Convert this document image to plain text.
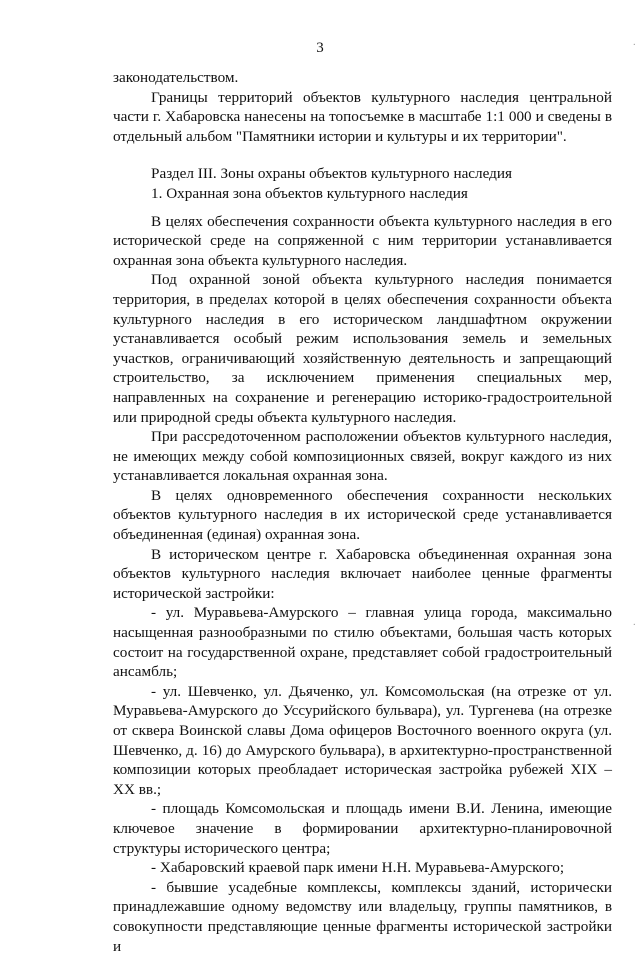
3

законодательством.

Границы территорий объектов культурного наследия центральной части г. Хабаровска нанесены на топосъемке в масштабе 1:1 000 и сведены в отдельный альбом "Памятники истории и культуры и их территории".

Раздел III. Зоны охраны объектов культурного наследия

1. Охранная зона объектов культурного наследия

В целях обеспечения сохранности объекта культурного наследия в его исторической среде на сопряженной с ним территории устанавливается охранная зона объекта культурного наследия.

Под охранной зоной объекта культурного наследия понимается территория, в пределах которой в целях обеспечения сохранности объекта культурного наследия в его историческом ландшафтном окружении устанавливается особый режим использования земель и земельных участков, ограничивающий хозяйственную деятельность и запрещающий строительство, за исключением применения специальных мер, направленных на сохранение и регенерацию историко-градостроительной или природной среды объекта культурного наследия.

При рассредоточенном расположении объектов культурного наследия, не имеющих между собой композиционных связей, вокруг каждого из них устанавливается локальная охранная зона.

В целях одновременного обеспечения сохранности нескольких объектов культурного наследия в их исторической среде устанавливается объединенная (единая) охранная зона.

В историческом центре г. Хабаровска объединенная охранная зона объектов культурного наследия включает наиболее ценные фрагменты исторической застройки:

- ул. Муравьева-Амурского – главная улица города, максимально насыщенная разнообразными по стилю объектами, большая часть которых состоит на государственной охране, представляет собой градостроительный ансамбль;

- ул. Шевченко, ул. Дьяченко, ул. Комсомольская (на отрезке от ул. Муравьева-Амурского до Уссурийского бульвара), ул. Тургенева (на отрезке от сквера Воинской славы Дома офицеров Восточного военного округа (ул. Шевченко, д. 16) до Амурского бульвара), в архитектурно-пространственной композиции которых преобладает историческая застройка рубежей XIX – XX вв.;

- площадь Комсомольская и площадь имени В.И. Ленина, имеющие ключевое значение в формировании архитектурно-планировочной структуры исторического центра;

- Хабаровский краевой парк имени Н.Н. Муравьева-Амурского;

- бывшие усадебные комплексы, комплексы зданий, исторически принадлежавшие одному ведомству или владельцу, группы памятников, в совокупности представляющие ценные фрагменты исторической застройки и

·
·
